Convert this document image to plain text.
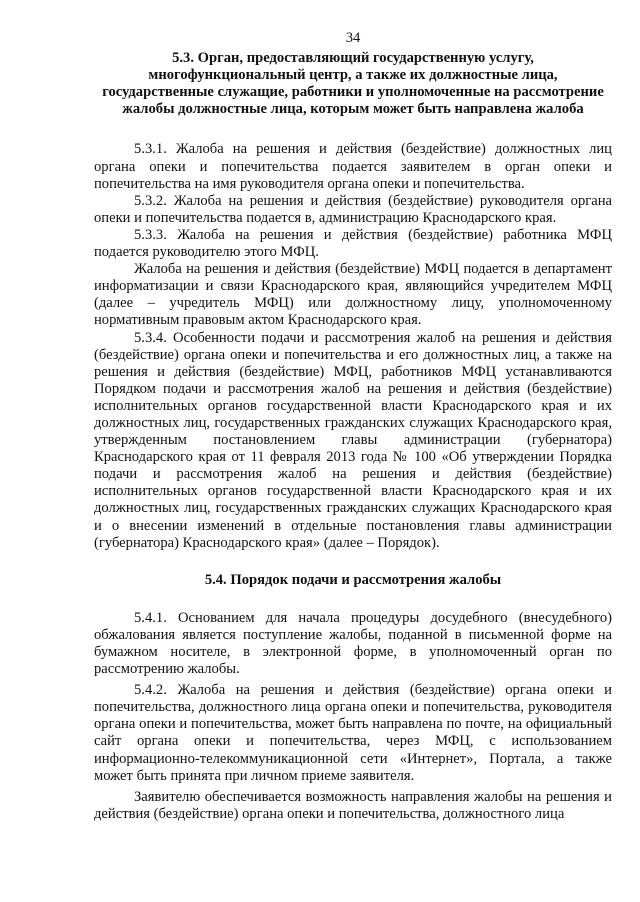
34
5.3. Орган, предоставляющий государственную услугу, многофункциональный центр, а также их должностные лица, государственные служащие, работники и уполномоченные на рассмотрение жалобы должностные лица, которым может быть направлена жалоба

5.3.1. Жалоба на решения и действия (бездействие) должностных лиц органа опеки и попечительства подается заявителем в орган опеки и попечительства на имя руководителя органа опеки и попечительства.

5.3.2. Жалоба на решения и действия (бездействие) руководителя органа опеки и попечительства подается в, администрацию Краснодарского края.

5.3.3. Жалоба на решения и действия (бездействие) работника МФЦ подается руководителю этого МФЦ.

Жалоба на решения и действия (бездействие) МФЦ подается в департамент информатизации и связи Краснодарского края, являющийся учредителем МФЦ (далее – учредитель МФЦ) или должностному лицу, уполномоченному нормативным правовым актом Краснодарского края.

5.3.4. Особенности подачи и рассмотрения жалоб на решения и действия (бездействие) органа опеки и попечительства и его должностных лиц, а также на решения и действия (бездействие) МФЦ, работников МФЦ устанавливаются Порядком подачи и рассмотрения жалоб на решения и действия (бездействие) исполнительных органов государственной власти Краснодарского края и их должностных лиц, государственных гражданских служащих Краснодарского края, утвержденным постановлением главы администрации (губернатора) Краснодарского края от 11 февраля 2013 года № 100 «Об утверждении Порядка подачи и рассмотрения жалоб на решения и действия (бездействие) исполнительных органов государственной власти Краснодарского края и их должностных лиц, государственных гражданских служащих Краснодарского края и о внесении изменений в отдельные постановления главы администрации (губернатора) Краснодарского края» (далее – Порядок).

5.4. Порядок подачи и рассмотрения жалобы

5.4.1. Основанием для начала процедуры досудебного (внесудебного) обжалования является поступление жалобы, поданной в письменной форме на бумажном носителе, в электронной форме, в уполномоченный орган по рассмотрению жалобы.

5.4.2. Жалоба на решения и действия (бездействие) органа опеки и попечительства, должностного лица органа опеки и попечительства, руководителя органа опеки и попечительства, может быть направлена по почте, на официальный сайт органа опеки и попечительства, через МФЦ, с использованием информационно-телекоммуникационной сети «Интернет», Портала, а также может быть принята при личном приеме заявителя.

Заявителю обеспечивается возможность направления жалобы на решения и действия (бездействие) органа опеки и попечительства, должностного лица
